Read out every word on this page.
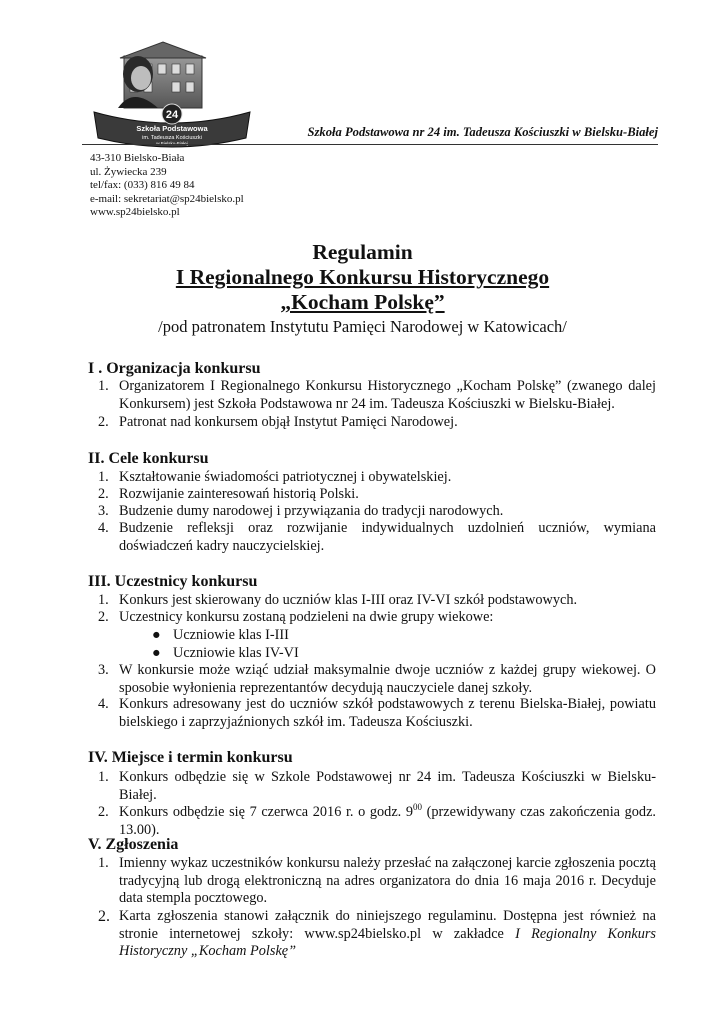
24
Szkoła Podstawowa
im. Tadeusza Kościuszki
w Bielsku-Białej
Szkoła Podstawowa nr 24 im. Tadeusza Kościuszki w Bielsku-Białej
43-310 Bielsko-Biała
ul. Żywiecka 239
tel/fax: (033) 816 49 84
e-mail: sekretariat@sp24bielsko.pl
www.sp24bielsko.pl
Regulamin
I Regionalnego Konkursu Historycznego
„Kocham Polskę”
/pod patronatem Instytutu Pamięci Narodowej w Katowicach/
I . Organizacja konkursu
1. Organizatorem I Regionalnego Konkursu Historycznego „Kocham Polskę” (zwanego dalej Konkursem) jest Szkoła Podstawowa nr 24 im. Tadeusza Kościuszki w Bielsku-Białej.
2. Patronat nad konkursem objął Instytut Pamięci Narodowej.
II. Cele konkursu
1. Kształtowanie świadomości patriotycznej i obywatelskiej.
2. Rozwijanie zainteresowań historią Polski.
3. Budzenie dumy narodowej i przywiązania do tradycji narodowych.
4. Budzenie refleksji oraz rozwijanie indywidualnych uzdolnień uczniów, wymiana doświadczeń kadry nauczycielskiej.
III. Uczestnicy konkursu
1. Konkurs jest skierowany do uczniów klas I-III oraz IV-VI szkół podstawowych.
2. Uczestnicy konkursu zostaną podzieleni na dwie grupy wiekowe:
● Uczniowie klas I-III
● Uczniowie klas IV-VI
3. W konkursie może wziąć udział maksymalnie dwoje uczniów z każdej grupy wiekowej. O sposobie wyłonienia reprezentantów decydują nauczyciele danej szkoły.
4. Konkurs adresowany jest do uczniów szkół podstawowych z terenu Bielska-Białej, powiatu bielskiego i zaprzyjaźnionych szkół im. Tadeusza Kościuszki.
IV. Miejsce i termin konkursu
1. Konkurs odbędzie się w Szkole Podstawowej nr 24 im. Tadeusza Kościuszki w Bielsku-Białej.
2. Konkurs odbędzie się 7 czerwca 2016 r. o godz. $9^{00}$ (przewidywany czas zakończenia godz. 13.00).
V. Zgłoszenia
1. Imienny wykaz uczestników konkursu należy przesłać na załączonej karcie zgłoszenia pocztą tradycyjną lub drogą elektroniczną na adres organizatora do dnia 16 maja 2016 r. Decyduje data stempla pocztowego.
2. Karta zgłoszenia stanowi załącznik do niniejszego regulaminu. Dostępna jest również na stronie internetowej szkoły: www.sp24bielsko.pl w zakładce I Regionalny Konkurs Historyczny „Kocham Polskę”
